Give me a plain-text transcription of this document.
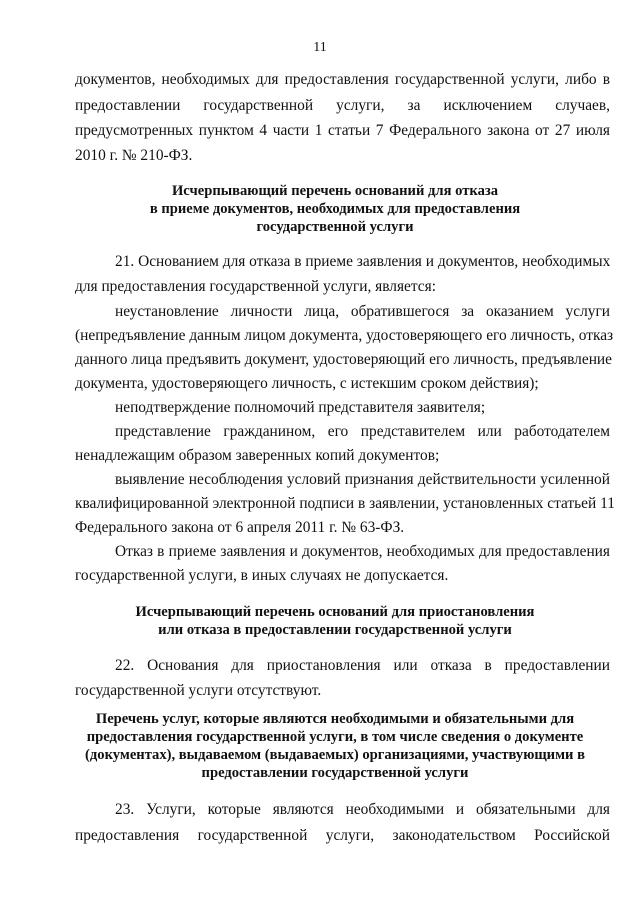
11
документов, необходимых для предоставления государственной услуги, либо в
предоставлении государственной услуги, за исключением случаев,
предусмотренных пунктом 4 части 1 статьи 7 Федерального закона от 27 июля
2010 г. № 210-ФЗ.
Исчерпывающий перечень оснований для отказа
в приеме документов, необходимых для предоставления
государственной услуги
21. Основанием для отказа в приеме заявления и документов, необходимых
для предоставления государственной услуги, является:
неустановление личности лица, обратившегося за оказанием услуги
(непредъявление данным лицом документа, удостоверяющего его личность, отказ
данного лица предъявить документ, удостоверяющий его личность, предъявление
документа, удостоверяющего личность, с истекшим сроком действия);
неподтверждение полномочий представителя заявителя;
представление гражданином, его представителем или работодателем
ненадлежащим образом заверенных копий документов;
выявление несоблюдения условий признания действительности усиленной
квалифицированной электронной подписи в заявлении, установленных статьей 11
Федерального закона от 6 апреля 2011 г. № 63-ФЗ.
Отказ в приеме заявления и документов, необходимых для предоставления
государственной услуги, в иных случаях не допускается.
Исчерпывающий перечень оснований для приостановления
или отказа в предоставлении государственной услуги
22. Основания для приостановления или отказа в предоставлении
государственной услуги отсутствуют.
Перечень услуг, которые являются необходимыми и обязательными для
предоставления государственной услуги, в том числе сведения о документе
(документах), выдаваемом (выдаваемых) организациями, участвующими в
предоставлении государственной услуги
23. Услуги, которые являются необходимыми и обязательными для
предоставления государственной услуги, законодательством Российской
